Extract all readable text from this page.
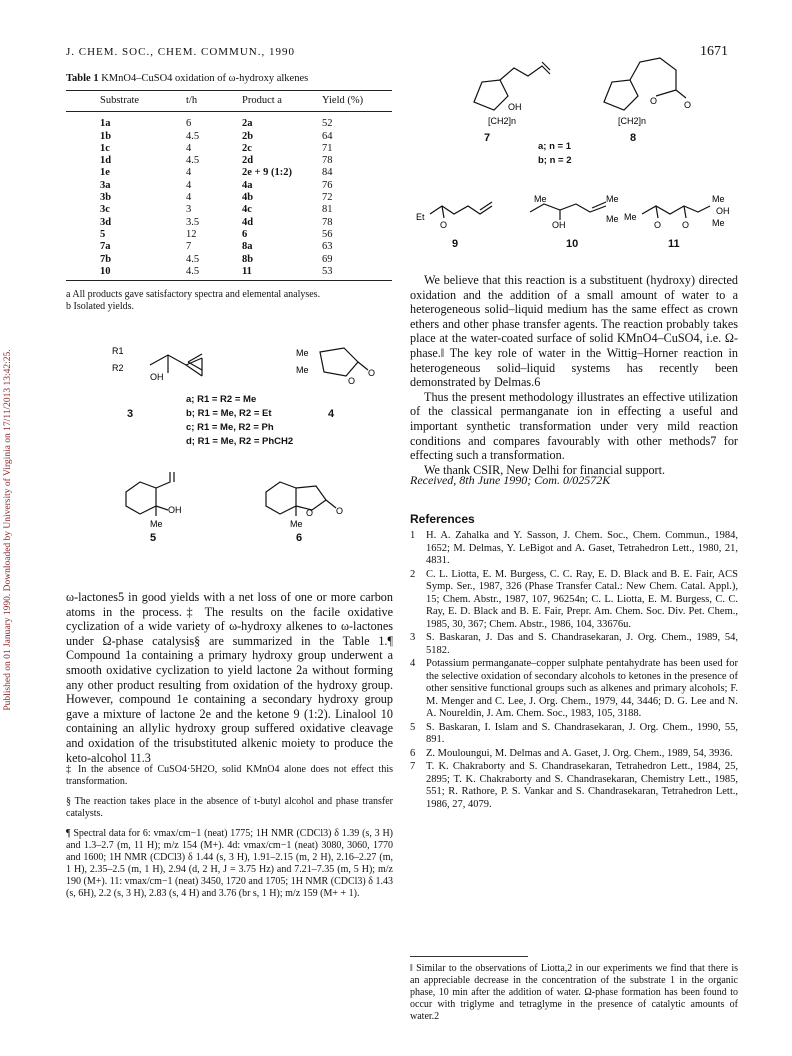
Published on 01 January 1990. Downloaded by University of Virginia on 17/11/2013 13:42:25.
J. CHEM. SOC., CHEM. COMMUN., 1990	1671
Table 1 KMnO4–CuSO4 oxidation of ω-hydroxy alkenes
Substrate	t/h	Product a	Yield (%)
1a	6	2a	52
1b	4.5	2b	64
1c	4	2c	71
1d	4.5	2d	78
1e	4	2e + 9 (1:2)	84
3a	4	4a	76
3b	4	4b	72
3c	3	4c	81
3d	3.5	4d	78
5	12	6	56
7a	7	8a	63
7b	4.5	8b	69
10	4.5	11	53

a All products gave satisfactory spectra and elemental analyses.

b Isolated yields.

R1
R2
OH
Me
Me
O
O
3	4
a; R1 = R2 = Me
b; R1 = Me, R2 = Et
c; R1 = Me, R2 = Ph
d; R1 = Me, R2 = PhCH2
OH
Me
O	O
Me
5	6
OH
[CH2]n
O	O
[CH2]n
7	8
a; n = 1
b; n = 2
Et
O
Me	Me
Me
OH
Me
O O
Me
OH
Me
9	10	11
ω-lactones5 in good yields with a net loss of one or more carbon atoms in the process.‡ The results on the facile oxidative cyclization of a wide variety of ω-hydroxy alkenes to ω-lactones under Ω-phase catalysis§ are summarized in the Table 1.¶ Compound 1a containing a primary hydroxy group underwent a smooth oxidative cyclization to yield lactone 2a without forming any other product resulting from oxidation of the hydroxy group. However, compound 1e containing a secondary hydroxy group gave a mixture of lactone 2e and the ketone 9 (1:2). Linalool 10 containing an allylic hydroxy group suffered oxidative cleavage and oxidation of the trisubstituted alkenic moiety to produce the keto-alcohol 11.3
‡ In the absence of CuSO4·5H2O, solid KMnO4 alone does not effect this transformation.
§ The reaction takes place in the absence of t-butyl alcohol and phase transfer catalysts.
¶ Spectral data for 6: vmax/cm−1 (neat) 1775; 1H NMR (CDCl3) δ 1.39 (s, 3 H) and 1.3–2.7 (m, 11 H); m/z 154 (M+). 4d: vmax/cm−1 (neat) 3080, 3060, 1770 and 1600; 1H NMR (CDCl3) δ 1.44 (s, 3 H), 1.91–2.15 (m, 2 H), 2.16–2.27 (m, 1 H), 2.35–2.5 (m, 1 H), 2.94 (d, 2 H, J = 3.75 Hz) and 7.21–7.35 (m, 5 H); m/z 190 (M+). 11: vmax/cm−1 (neat) 3450, 1720 and 1705; 1H NMR (CDCl3) δ 1.43 (s, 6H), 2.2 (s, 3 H), 2.83 (s, 4 H) and 3.76 (br s, 1 H); m/z 159 (M+ + 1).

We believe that this reaction is a substituent (hydroxy) directed oxidation and the addition of a small amount of water to a heterogeneous solid–liquid medium has the same effect as crown ethers and other phase transfer agents. The reaction probably takes place at the water-coated surface of solid KMnO4–CuSO4, i.e. Ω-phase.‖ The key role of water in the Wittig–Horner reaction in heterogeneous solid–liquid systems has recently been demonstrated by Delmas.6

Thus the present methodology illustrates an effective utilization of the classical permanganate ion in effecting a useful and important synthetic transformation under very mild reaction conditions and compares favourably with other methods7 for effecting such a transformation.

We thank CSIR, New Delhi for financial support.

Received, 8th June 1990; Com. 0/02572K
References
1 H. A. Zahalka and Y. Sasson, J. Chem. Soc., Chem. Commun., 1984, 1652; M. Delmas, Y. LeBigot and A. Gaset, Tetrahedron Lett., 1980, 21, 4831.
2 C. L. Liotta, E. M. Burgess, C. C. Ray, E. D. Black and B. E. Fair, ACS Symp. Ser., 1987, 326 (Phase Transfer Catal.: New Chem. Catal. Appl.), 15; Chem. Abstr., 1987, 107, 96254n; C. L. Liotta, E. M. Burgess, C. C. Ray, E. D. Black and B. E. Fair, Prepr. Am. Chem. Soc. Div. Pet. Chem., 1985, 30, 367; Chem. Abstr., 1986, 104, 33676u.
3 S. Baskaran, J. Das and S. Chandrasekaran, J. Org. Chem., 1989, 54, 5182.
4 Potassium permanganate–copper sulphate pentahydrate has been used for the selective oxidation of secondary alcohols to ketones in the presence of other sensitive functional groups such as alkenes and primary alcohols; F. M. Menger and C. Lee, J. Org. Chem., 1979, 44, 3446; D. G. Lee and N. A. Noureldin, J. Am. Chem. Soc., 1983, 105, 3188.
5 S. Baskaran, I. Islam and S. Chandrasekaran, J. Org. Chem., 1990, 55, 891.
6 Z. Mouloungui, M. Delmas and A. Gaset, J. Org. Chem., 1989, 54, 3936.
7 T. K. Chakraborty and S. Chandrasekaran, Tetrahedron Lett., 1984, 25, 2895; T. K. Chakraborty and S. Chandrasekaran, Chemistry Lett., 1985, 551; R. Rathore, P. S. Vankar and S. Chandrasekaran, Tetrahedron Lett., 1986, 27, 4079.
‖ Similar to the observations of Liotta,2 in our experiments we find that there is an appreciable decrease in the concentration of the substrate 1 in the organic phase, 10 min after the addition of water. Ω-phase formation has been found to occur with triglyme and tetraglyme in the presence of catalytic amounts of water.2
